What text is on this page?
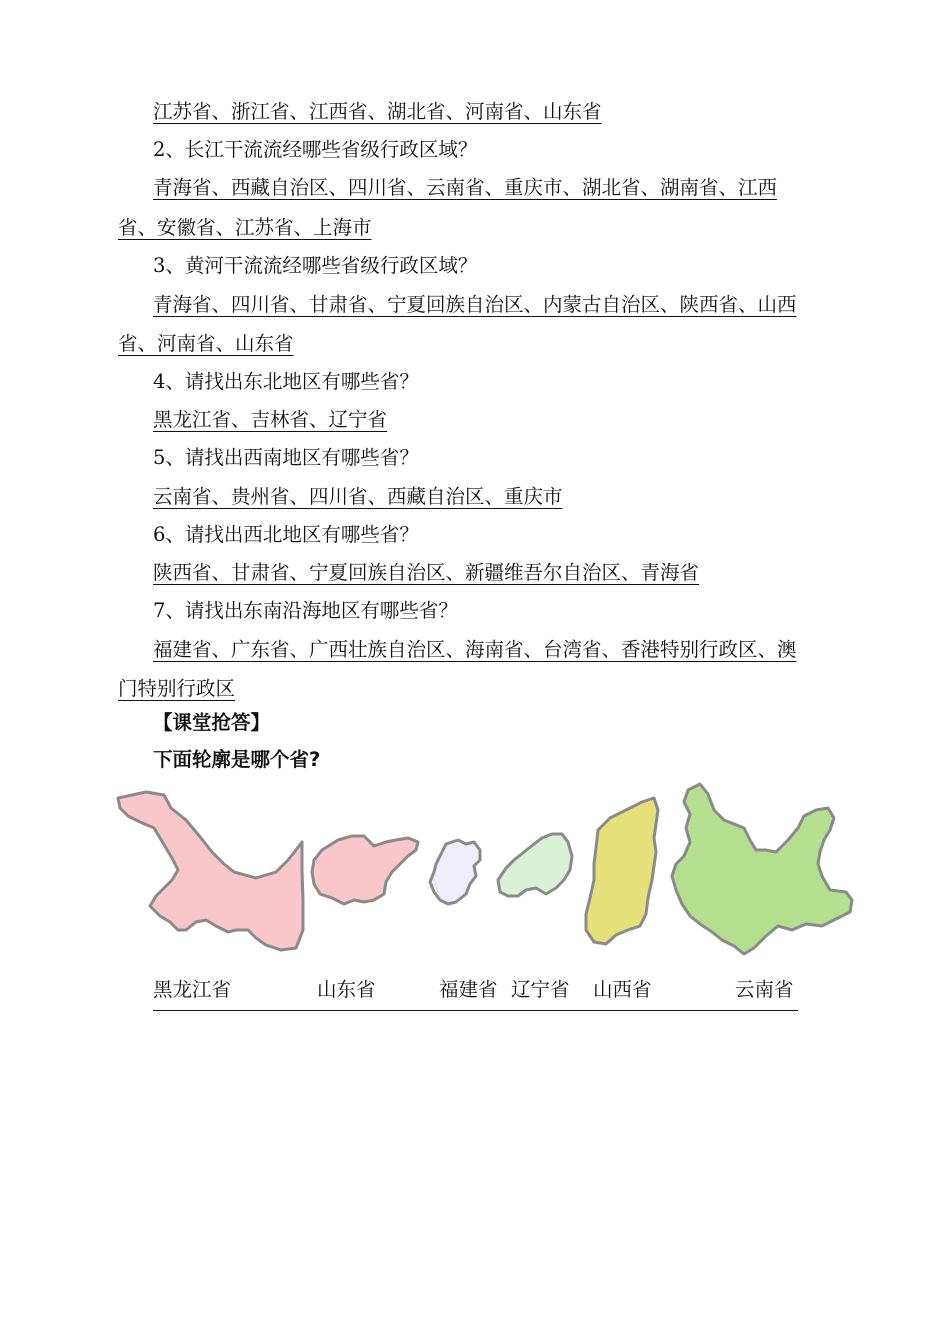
江苏省、浙江省、江西省、湖北省、河南省、山东省
2、长江干流流经哪些省级行政区域？
青海省、西藏自治区、四川省、云南省、重庆市、湖北省、湖南省、江西
省、安徽省、江苏省、上海市
3、黄河干流流经哪些省级行政区域？
青海省、四川省、甘肃省、宁夏回族自治区、内蒙古自治区、陕西省、山西
省、河南省、山东省
4、请找出东北地区有哪些省？
黑龙江省、吉林省、辽宁省
5、请找出西南地区有哪些省？
云南省、贵州省、四川省、西藏自治区、重庆市
6、请找出西北地区有哪些省？
陕西省、甘肃省、宁夏回族自治区、新疆维吾尔自治区、青海省
7、请找出东南沿海地区有哪些省？
福建省、广东省、广西壮族自治区、海南省、台湾省、香港特别行政区、澳
门特别行政区
【课堂抢答】
下面轮廓是哪个省?
黑龙江省	山东省	福建省 辽宁省 山西省	云南省
